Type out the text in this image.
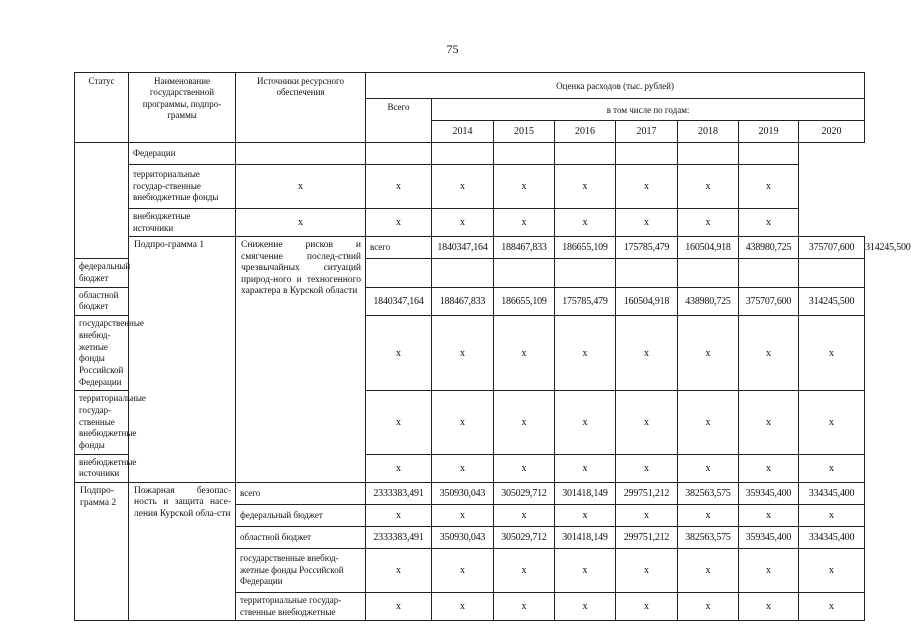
75
Статус	Наименование государственной программы, подпро-граммы	Источники ресурсного обеспечения	Оценка расходов (тыс. рублей)								
			Всего	в том числе по годам:							
				2014	2015	2016	2017	2018	2019	2020	
	Федерации										
	территориальные государ-ственные внебюджетные фонды	x	x	x	x	x	x	x	x		
	внебюджетные источники	x	x	x	x	x	x	x	x		
	Подпро-грамма 1	Снижение рисков и смягчение послед-ствий чрезвычайных ситуаций природ-ного и техногенного характера в Курской области	всего	1840347,164	188467,833	186655,109	175785,479	160504,918	438980,725	375707,600	314245,500
федеральный бюджет											
областной бюджет			1840347,164	188467,833	186655,109	175785,479	160504,918	438980,725	375707,600	314245,500	
государственные внебюд-жетные фонды Российской Федерации			x	x	x	x	x	x	x	x	
территориальные государ-ственные внебюджетные фонды			x	x	x	x	x	x	x	x	
внебюджетные источники			x	x	x	x	x	x	x	x	
Подпро-грамма 2	Пожарная безопас-ность и защита насе-ления Курской обла-сти	всего	2333383,491	350930,043	305029,712	301418,149	299751,212	382563,575	359345,400	334345,400	
		федеральный бюджет	x	x	x	x	x	x	x	x	
		областной бюджет	2333383,491	350930,043	305029,712	301418,149	299751,212	382563,575	359345,400	334345,400	
		государственные внебюд-жетные фонды Российской Федерации	x	x	x	x	x	x	x	x	
		территориальные государ-ственные внебюджетные	x	x	x	x	x	x	x	x	
